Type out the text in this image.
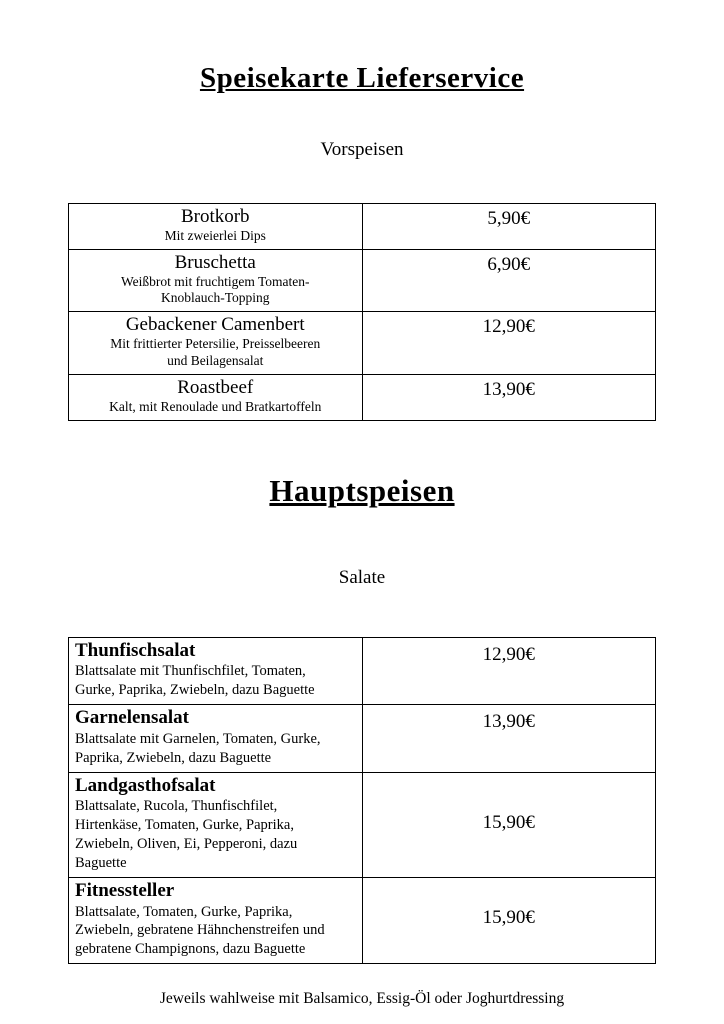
Speisekarte Lieferservice
Vorspeisen
Brotkorb
Mit zweierlei Dips	5,90€

Bruschetta
Weißbrot mit fruchtigem Tomaten-Knoblauch-Topping	6,90€

Gebackener Camenbert
Mit frittierter Petersilie, Preisselbeeren und Beilagensalat	12,90€

Roastbeef
Kalt, mit Renoulade und Bratkartoffeln	13,90€
Hauptspeisen
Salate
Thunfischsalat
Blattsalate mit Thunfischfilet, Tomaten, Gurke, Paprika, Zwiebeln, dazu Baguette	12,90€

Garnelensalat
Blattsalate mit Garnelen, Tomaten, Gurke, Paprika, Zwiebeln, dazu Baguette	13,90€

Landgasthofsalat
Blattsalate, Rucola, Thunfischfilet, Hirtenkäse, Tomaten, Gurke, Paprika, Zwiebeln, Oliven, Ei, Pepperoni, dazu Baguette	15,90€

Fitnessteller
Blattsalate, Tomaten, Gurke, Paprika, Zwiebeln, gebratene Hähnchenstreifen und gebratene Champignons, dazu Baguette	15,90€
Jeweils wahlweise mit Balsamico, Essig-Öl oder Joghurtdressing
